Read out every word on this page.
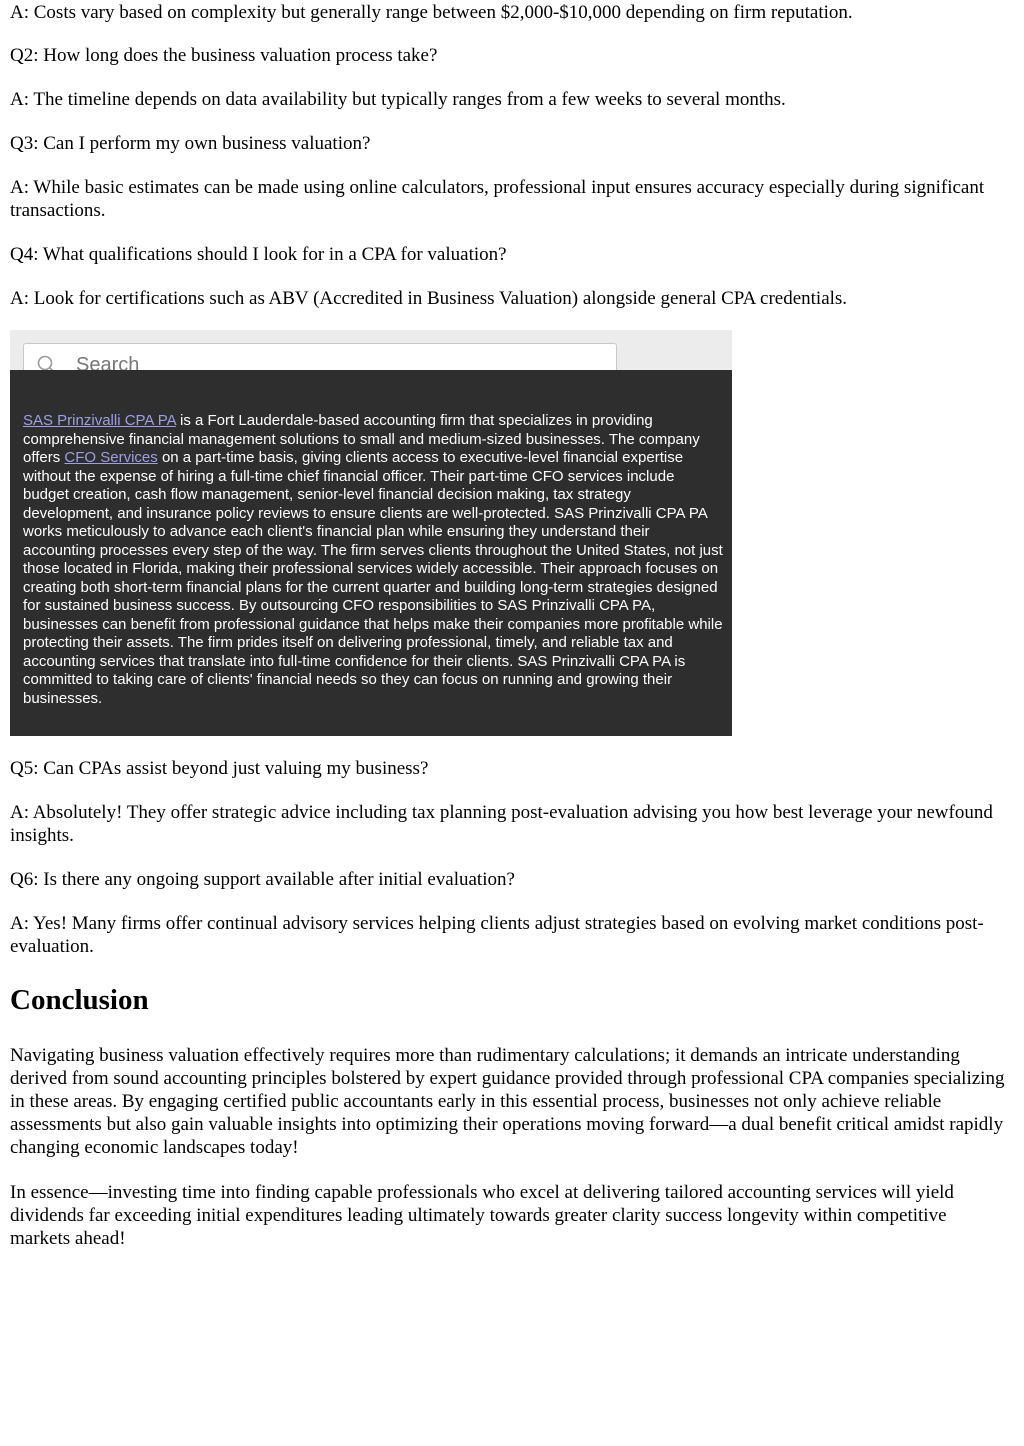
A: Costs vary based on complexity but generally range between $2,000-$10,000 depending on firm reputation.

Q2: How long does the business valuation process take?

A: The timeline depends on data availability but typically ranges from a few weeks to several months.

Q3: Can I perform my own business valuation?

A: While basic estimates can be made using online calculators, professional input ensures accuracy especially during significant transactions.

Q4: What qualifications should I look for in a CPA for valuation?

A: Look for certifications such as ABV (Accredited in Business Valuation) alongside general CPA credentials.

Q5: Can CPAs assist beyond just valuing my business?

A: Absolutely! They offer strategic advice including tax planning post-evaluation advising you how best leverage your newfound insights.

Q6: Is there any ongoing support available after initial evaluation?

A: Yes! Many firms offer continual advisory services helping clients adjust strategies based on evolving market conditions post-evaluation.

Conclusion

Navigating business valuation effectively requires more than rudimentary calculations; it demands an intricate understanding derived from sound accounting principles bolstered by expert guidance provided through professional CPA companies specializing in these areas. By engaging certified public accountants early in this essential process, businesses not only achieve reliable assessments but also gain valuable insights into optimizing their operations moving forward—a dual benefit critical amidst rapidly changing economic landscapes today!

In essence—investing time into finding capable professionals who excel at delivering tailored accounting services will yield dividends far exceeding initial expenditures leading ultimately towards greater clarity success longevity within competitive markets ahead!

Search

SAS Prinzivalli CPA PA is a Fort Lauderdale-based accounting firm that specializes in providing comprehensive financial management solutions to small and medium-sized businesses. The company offers CFO Services on a part-time basis, giving clients access to executive-level financial expertise without the expense of hiring a full-time chief financial officer. Their part-time CFO services include budget creation, cash flow management, senior-level financial decision making, tax strategy development, and insurance policy reviews to ensure clients are well-protected. SAS Prinzivalli CPA PA works meticulously to advance each client's financial plan while ensuring they understand their accounting processes every step of the way. The firm serves clients throughout the United States, not just those located in Florida, making their professional services widely accessible. Their approach focuses on creating both short-term financial plans for the current quarter and building long-term strategies designed for sustained business success. By outsourcing CFO responsibilities to SAS Prinzivalli CPA PA, businesses can benefit from professional guidance that helps make their companies more profitable while protecting their assets. The firm prides itself on delivering professional, timely, and reliable tax and accounting services that translate into full-time confidence for their clients. SAS Prinzivalli CPA PA is committed to taking care of clients' financial needs so they can focus on running and growing their businesses.
